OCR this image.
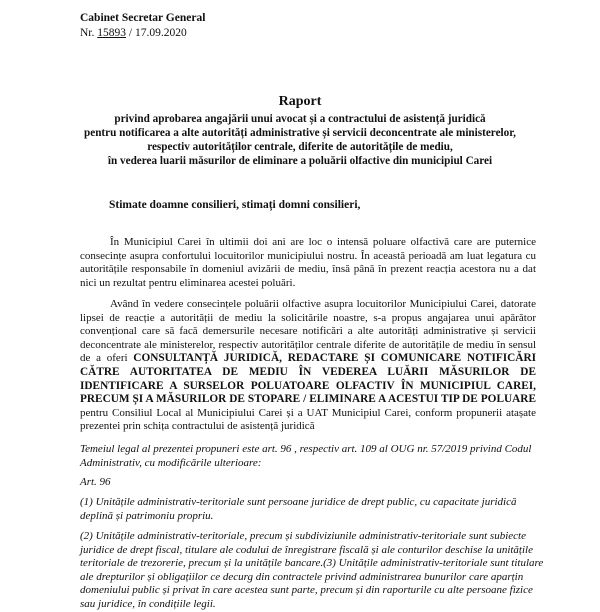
Cabinet Secretar General
Nr. 15893 / 17.09.2020
Raport
privind aprobarea angajării unui avocat și a contractului de asistență juridică
pentru notificarea a alte autorități administrative și servicii deconcentrate ale ministerelor,
respectiv autorităților centrale, diferite de autoritățile de mediu,
în vederea luarii măsurilor de eliminare a poluării olfactive din municipiul Carei
Stimate doamne consilieri, stimați domni consilieri,
În Municipiul Carei în ultimii doi ani are loc o intensă poluare olfactivă care are puternice consecințe asupra confortului locuitorilor municipiului nostru. În această perioadă am luat legatura cu autoritățile responsabile în domeniul avizării de mediu, însă până în prezent reacția acestora nu a dat nici un rezultat pentru eliminarea acestei poluări.
Având în vedere consecințele poluării olfactive asupra locuitorilor Municipiului Carei, datorate lipsei de reacție a autorității de mediu la solicitările noastre, s-a propus angajarea unui apărător convențional care să facă demersurile necesare notificări a alte autorități administrative și servicii deconcentrate ale ministerelor, respectiv autorităților centrale diferite de autoritățile de mediu în sensul de a oferi CONSULTANȚĂ JURIDICĂ, REDACTARE ȘI COMUNICARE NOTIFICĂRI CĂTRE AUTORITATEA DE MEDIU ÎN VEDEREA LUĂRII MĂSURILOR DE IDENTIFICARE A SURSELOR POLUATOARE OLFACTIV ÎN MUNICIPIUL CAREI, PRECUM ȘI A MĂSURILOR DE STOPARE / ELIMINARE A ACESTUI TIP DE POLUARE pentru Consiliul Local al Municipiului Carei și a UAT Municipiul Carei, conform propunerii atașate prezentei prin schița contractului de asistență juridică
Temeiul legal al prezentei propuneri este art. 96 , respectiv art. 109 al OUG nr. 57/2019 privind Codul Administrativ, cu modificările ulterioare:
Art. 96
(1) Unitățile administrativ-teritoriale sunt persoane juridice de drept public, cu capacitate juridică deplină și patrimoniu propriu.
(2) Unitățile administrativ-teritoriale, precum și subdiviziunile administrativ-teritoriale sunt subiecte juridice de drept fiscal, titulare ale codului de înregistrare fiscală și ale conturilor deschise la unitățile teritoriale de trezorerie, precum și la unitățile bancare.(3) Unitățile administrativ-teritoriale sunt titulare ale drepturilor și obligațiilor ce decurg din contractele privind administrarea bunurilor care aparțin domeniului public și privat în care acestea sunt parte, precum și din raporturile cu alte persoane fizice sau juridice, în condițiile legii.
